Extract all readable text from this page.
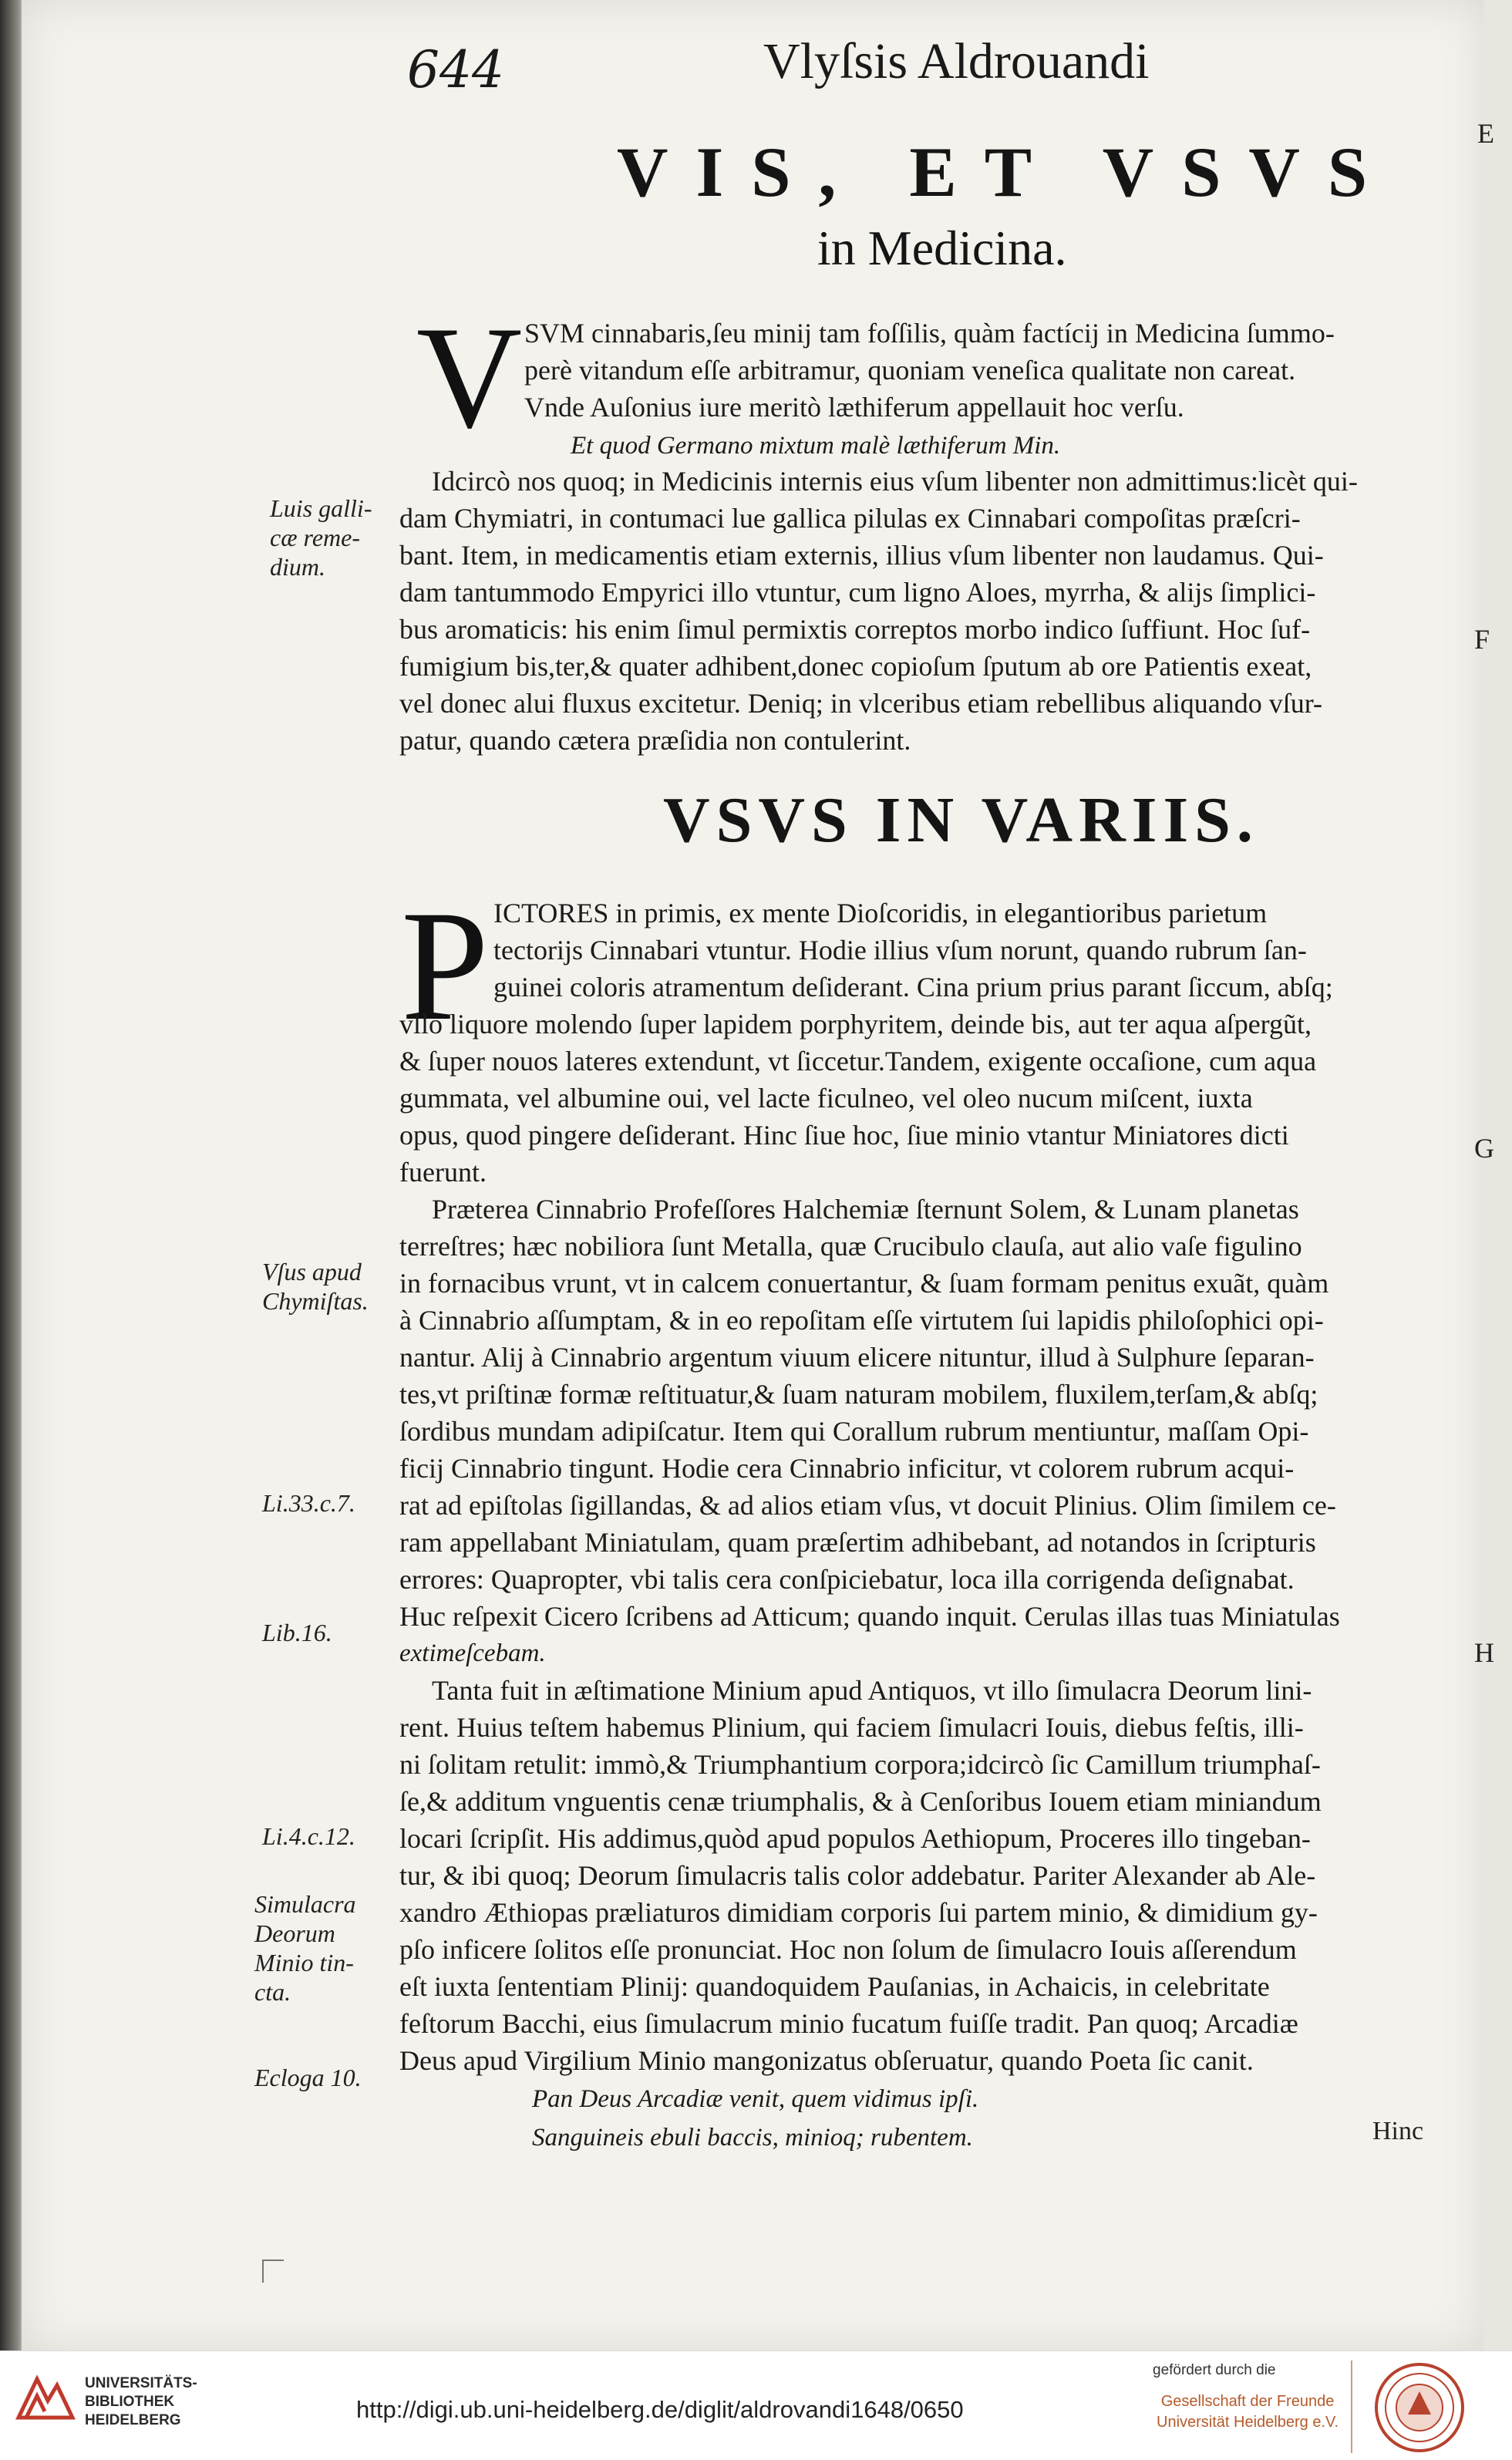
644	Vlyſsis Aldrouandi
VIS, ET VSVS
in Medicina.
V SVM cinnabaris,ſeu minij tam foſſilis, quàm factícij in Medicina ſummo-
perè vitandum eſſe arbitramur, quoniam veneſica qualitate non careat.
Vnde Auſonius iure meritò læthiferum appellauit hoc verſu.
Et quod Germano mixtum malè læthiferum Min.
Idcircò nos quoq; in Medicinis internis eius vſum libenter non admittimus:licèt qui-
dam Chymiatri, in contumaci lue gallica pilulas ex Cinnabari compoſitas præſcri-
bant. Item, in medicamentis etiam externis, illius vſum libenter non laudamus. Qui-
dam tantummodo Empyrici illo vtuntur, cum ligno Aloes, myrrha, & alijs ſimplici-
bus aromaticis: his enim ſimul permixtis correptos morbo indico ſuffiunt. Hoc ſuf-
fumigium bis,ter,& quater adhibent,donec copioſum ſputum ab ore Patientis exeat,
vel donec alui fluxus excitetur. Deniq; in vlceribus etiam rebellibus aliquando vſur-
patur, quando cætera præſidia non contulerint.
VSVS IN VARIIS.
P ICTORES in primis, ex mente Dioſcoridis, in elegantioribus parietum
tectorijs Cinnabari vtuntur. Hodie illius vſum norunt, quando rubrum ſan-
guinei coloris atramentum deſiderant. Cina prium prius parant ſiccum, abſq;
vllo liquore molendo ſuper lapidem porphyritem, deinde bis, aut ter aqua aſpergũt,
& ſuper nouos lateres extendunt, vt ſiccetur.Tandem, exigente occaſione, cum aqua
gummata, vel albumine oui, vel lacte ficulneo, vel oleo nucum miſcent, iuxta
opus, quod pingere deſiderant. Hinc ſiue hoc, ſiue minio vtantur Miniatores dicti
fuerunt.
Præterea Cinnabrio Profeſſores Halchemiæ ſternunt Solem, & Lunam planetas
terreſtres; hæc nobiliora ſunt Metalla, quæ Crucibulo clauſa, aut alio vaſe figulino
in fornacibus vrunt, vt in calcem conuertantur, & ſuam formam penitus exuãt, quàm
à Cinnabrio aſſumptam, & in eo repoſitam eſſe virtutem ſui lapidis philoſophici opi-
nantur. Alij à Cinnabrio argentum viuum elicere nituntur, illud à Sulphure ſeparan-
tes,vt priſtinæ formæ reſtituatur,& ſuam naturam mobilem, fluxilem,terſam,& abſq;
ſordibus mundam adipiſcatur. Item qui Corallum rubrum mentiuntur, maſſam Opi-
ficij Cinnabrio tingunt. Hodie cera Cinnabrio inficitur, vt colorem rubrum acqui-
rat ad epiſtolas ſigillandas, & ad alios etiam vſus, vt docuit Plinius. Olim ſimilem ce-
ram appellabant Miniatulam, quam præſertim adhibebant, ad notandos in ſcripturis
errores: Quapropter, vbi talis cera conſpiciebatur, loca illa corrigenda deſignabat.
Huc reſpexit Cicero ſcribens ad Atticum; quando inquit. Cerulas illas tuas Miniatulas
extimeſcebam.
Tanta fuit in æſtimatione Minium apud Antiquos, vt illo ſimulacra Deorum lini-
rent. Huius teſtem habemus Plinium, qui faciem ſimulacri Iouis, diebus feſtis, illi-
ni ſolitam retulit: immò,& Triumphantium corpora;idcircò ſic Camillum triumphaſ-
ſe,& additum vnguentis cenæ triumphalis, & à Cenſoribus Iouem etiam miniandum
locari ſcripſit. His addimus,quòd apud populos Aethiopum, Proceres illo tingeban-
tur, & ibi quoq; Deorum ſimulacris talis color addebatur. Pariter Alexander ab Ale-
xandro Æthiopas præliaturos dimidiam corporis ſui partem minio, & dimidium gy-
pſo inficere ſolitos eſſe pronunciat. Hoc non ſolum de ſimulacro Iouis aſſerendum
eſt iuxta ſententiam Plinij: quandoquidem Pauſanias, in Achaicis, in celebritate
feſtorum Bacchi, eius ſimulacrum minio fucatum fuiſſe tradit. Pan quoq; Arcadiæ
Deus apud Virgilium Minio mangonizatus obſeruatur, quando Poeta ſic canit.
Pan Deus Arcadiæ venit, quem vidimus ipſi.
Sanguineis ebuli baccis, minioq; rubentem.	Hinc
Luis galli-
cæ reme-
dium.
Vſus apud
Chymiſtas.
Li.33.c.7.
Lib.16.
Li.4.c.12.
Simulacra
Deorum
Minio tin-
cta.
Ecloga 10.
E
F
G
H
UNIVERSITÄTS-
BIBLIOTHEK
HEIDELBERG	http://digi.ub.uni-heidelberg.de/diglit/aldrovandi1648/0650
gefördert durch die
Gesellschaft der Freunde
Universität Heidelberg e.V.
